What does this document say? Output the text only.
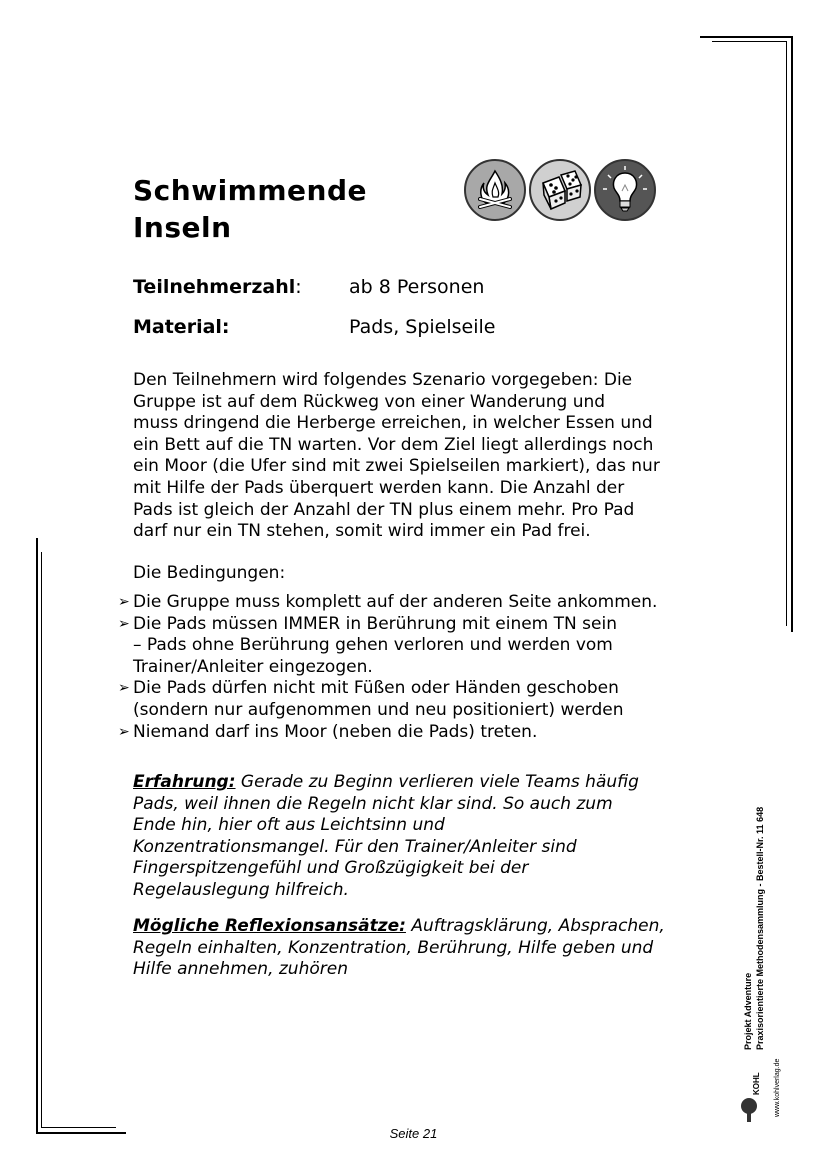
Schwimmende
Inseln
Teilnehmerzahl: ab 8 Personen
Material:	Pads, Spielseile
Den Teilnehmern wird folgendes Szenario vorgegeben: Die
Gruppe ist auf dem Rückweg von einer Wanderung und
muss dringend die Herberge erreichen, in welcher Essen und
ein Bett auf die TN warten. Vor dem Ziel liegt allerdings noch
ein Moor (die Ufer sind mit zwei Spielseilen markiert), das nur
mit Hilfe der Pads überquert werden kann. Die Anzahl der
Pads ist gleich der Anzahl der TN plus einem mehr. Pro Pad
darf nur ein TN stehen, somit wird immer ein Pad frei.
Die Bedingungen:
➢ Die Gruppe muss komplett auf der anderen Seite ankommen.
➢ Die Pads müssen IMMER in Berührung mit einem TN sein
– Pads ohne Berührung gehen verloren und werden vom
Trainer/Anleiter eingezogen.
➢ Die Pads dürfen nicht mit Füßen oder Händen geschoben
(sondern nur aufgenommen und neu positioniert) werden
➢ Niemand darf ins Moor (neben die Pads) treten.
Erfahrung: Gerade zu Beginn verlieren viele Teams häufig
Pads, weil ihnen die Regeln nicht klar sind. So auch zum
Ende hin, hier oft aus Leichtsinn und
Konzentrationsmangel. Für den Trainer/Anleiter sind
Fingerspitzengefühl und Großzügigkeit bei der
Regelauslegung hilfreich.
Mögliche Reflexionsansätze: Auftragsklärung, Absprachen,
Regeln einhalten, Konzentration, Berührung, Hilfe geben und
Hilfe annehmen, zuhören
Seite 21
Projekt Adventure Praxisorientierte Methodensammlung - Bestell-Nr. 11 648
KOHL www.kohlverlag.de
